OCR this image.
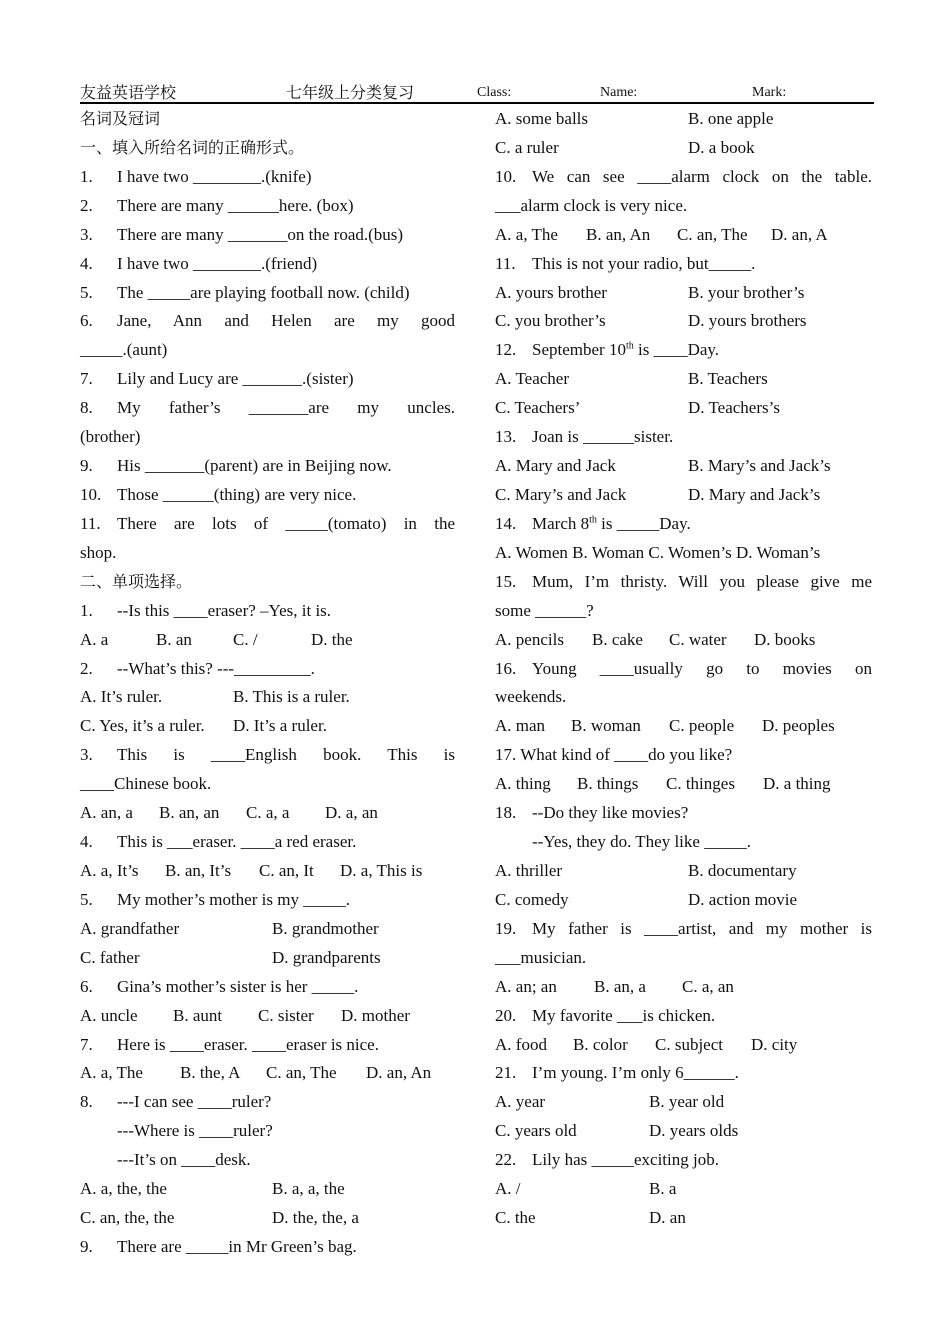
友益英语学校	七年级上分类复习	Class:	Name:	Mark:
名词及冠词
一、填入所给名词的正确形式。
1. I have two ________.(knife)
2. There are many ______here. (box)
3. There are many _______on the road.(bus)
4. I have two ________.(friend)
5. The _____are playing football now. (child)
6. Jane, Ann and Helen are my good
_____.(aunt)
7. Lily and Lucy are _______.(sister)
8. My father’s _______are my uncles.
(brother)
9. His _______(parent) are in Beijing now.
10. Those ______(thing) are very nice.
11. There are lots of _____(tomato) in the
shop.
二、单项选择。
1. --Is this ____eraser? –Yes, it is.
A. a	B. an C. /	D. the
2. --What’s this? ---_________.
A. It’s ruler.	B. This is a ruler.
C. Yes, it’s a ruler. D. It’s a ruler.
3. This is ____English book. This is
____Chinese book.
A. an, a B. an, an C. a, a D. a, an
4. This is ___eraser. ____a red eraser.
A. a, It’s B. an, It’s C. an, It D. a, This is
5. My mother’s mother is my _____.
A. grandfather	B. grandmother
C. father	D. grandparents
6. Gina’s mother’s sister is her _____.
A. uncle B. aunt C. sister D. mother
7. Here is ____eraser. ____eraser is nice.
A. a, The B. the, A C. an, The D. an, An
8. ---I can see ____ruler?
---Where is ____ruler?
---It’s on ____desk.
A. a, the, the	B. a, a, the
C. an, the, the	D. the, the, a
9. There are _____in Mr Green’s bag.
A. some balls	B. one apple
C. a ruler	D. a book
10. We can see ____alarm clock on the table.
___alarm clock is very nice.
A. a, The B. an, An C. an, The D. an, A
11. This is not your radio, but_____.
A. yours brother	B. your brother’s
C. you brother’s	D. yours brothers
12. September 10th is ____Day.
A. Teacher	B. Teachers
C. Teachers’	D. Teachers’s
13. Joan is ______sister.
A. Mary and Jack	B. Mary’s and Jack’s
C. Mary’s and Jack	D. Mary and Jack’s
14. March 8th is _____Day.
A. Women B. Woman C. Women’s D. Woman’s
15. Mum, I’m thristy. Will you please give me
some ______?
A. pencils B. cake C. water D. books
16. Young ____usually go to movies on
weekends.
A. man B. woman C. people D. peoples
17. What kind of ____do you like?
A. thing B. things C. thinges D. a thing
18. --Do they like movies?
--Yes, they do. They like _____.
A. thriller	B. documentary
C. comedy	D. action movie
19. My father is ____artist, and my mother is
___musician.
A. an; an B. an, a C. a, an
20. My favorite ___is chicken.
A. food B. color C. subject D. city
21. I’m young. I’m only 6______.
A. year	B. year old
C. years old	D. years olds
22. Lily has _____exciting job.
A. /	B. a
C. the	D. an
